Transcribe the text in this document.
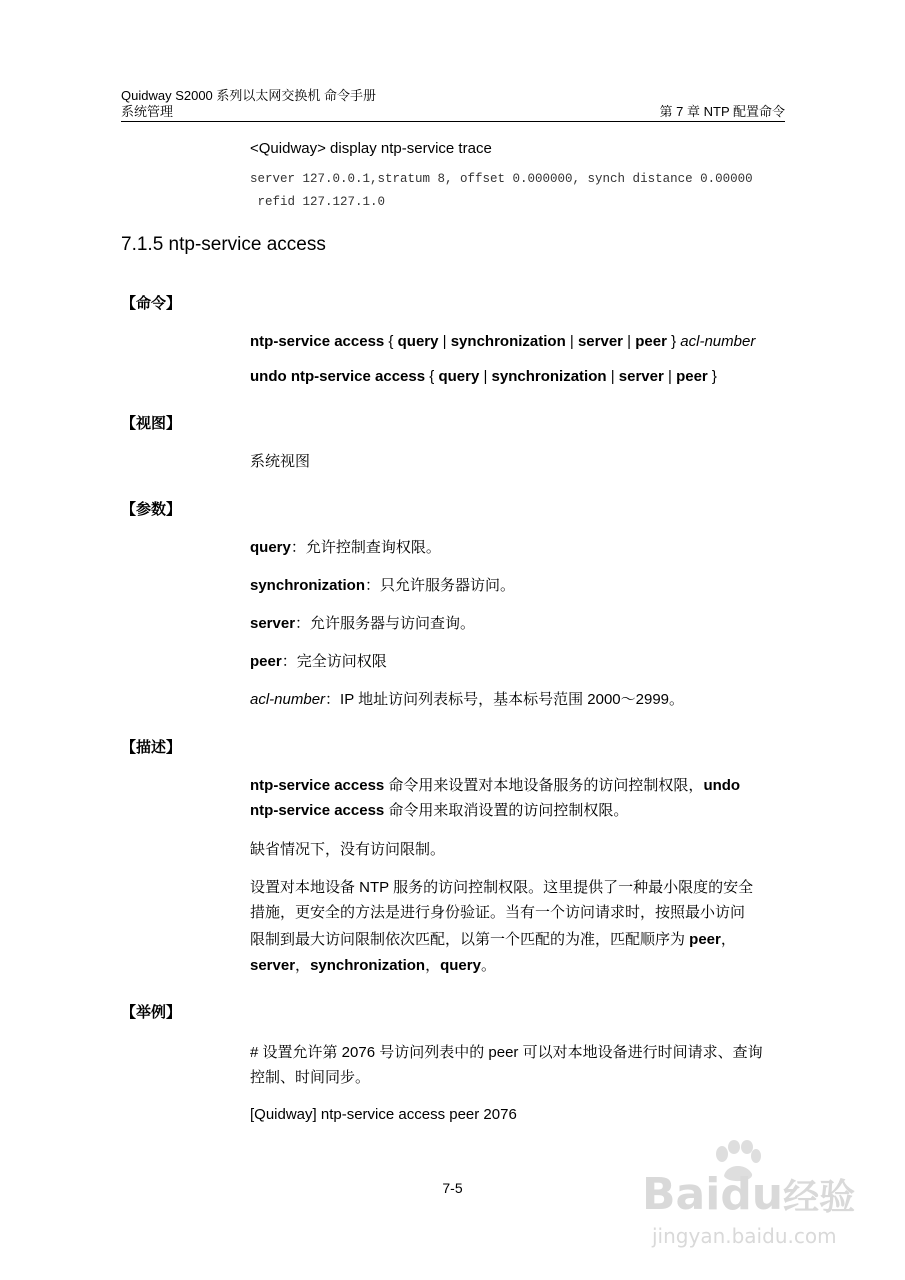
Quidway S2000 系列以太网交换机 命令手册
系统管理	第 7 章 NTP 配置命令
<Quidway> display ntp-service trace
server 127.0.0.1,stratum 8, offset 0.000000, synch distance 0.00000
refid 127.127.1.0
7.1.5 ntp-service access
【命令】
ntp-service access { query | synchronization | server | peer } acl-number
undo ntp-service access { query | synchronization | server | peer }
【视图】
系统视图
【参数】
query：允许控制查询权限。
synchronization：只允许服务器访问。
server：允许服务器与访问查询。
peer：完全访问权限
acl-number：IP 地址访问列表标号，基本标号范围 2000～2999。
【描述】
ntp-service access 命令用来设置对本地设备服务的访问控制权限，undo
ntp-service access 命令用来取消设置的访问控制权限。
缺省情况下，没有访问限制。
设置对本地设备 NTP 服务的访问控制权限。这里提供了一种最小限度的安全
措施，更安全的方法是进行身份验证。当有一个访问请求时，按照最小访问
限制到最大访问限制依次匹配，以第一个匹配的为准，匹配顺序为 peer，
server，synchronization，query。
【举例】
# 设置允许第 2076 号访问列表中的 peer 可以对本地设备进行时间请求、查询
控制、时间同步。
[Quidway] ntp-service access peer 2076
7-5	Baidu经验
jingyan.baidu.com
